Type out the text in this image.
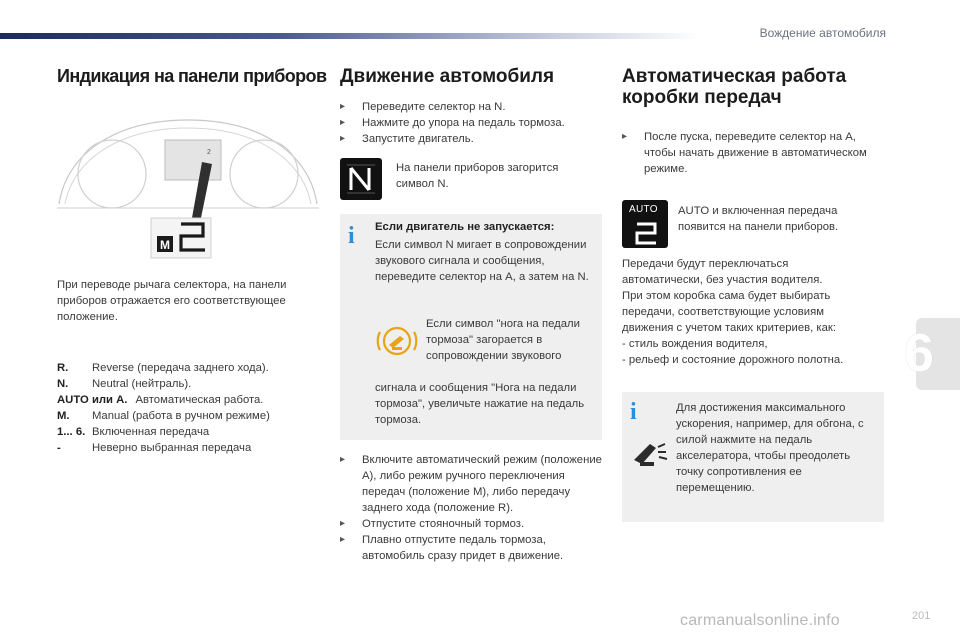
Вождение автомобиля
Индикация на панели приборов
2
M

При переводе рычага селектора, на панели приборов отражается его соответствующее положение.

R.	Reverse (передача заднего хода).
N.	Neutral (нейтраль).
AUTO или A. Автоматическая работа.
M.	Manual (работа в ручном режиме)
1... 6. Включенная передача
-	Неверно выбранная передача
Движение автомобиля

▸ Переведите селектор на N.

▸ Нажмите до упора на педаль тормоза.

▸ Запустите двигатель.

На панели приборов загорится символ N.

i Если двигатель не запускается:

Если символ N мигает в сопровождении звукового сигнала и сообщения, переведите селектор на A, а затем на N.

Если символ "нога на педали тормоза" загорается в сопровождении звукового

сигнала и сообщения "Нога на педали тормоза", увеличьте нажатие на педаль тормоза.

▸ Включите автоматический режим (положение A), либо режим ручного переключения передач (положение M), либо передачу заднего хода (положение R).

▸ Отпустите стояночный тормоз.

▸ Плавно отпустите педаль тормоза, автомобиль сразу придет в движение.

Автоматическая работа коробки передач

▸ После пуска, переведите селектор на A, чтобы начать движение в автоматическом режиме.

AUTO AUTO и включенная передача появится на панели приборов.

Передачи будут переключаться

автоматически, без участия водителя.

При этом коробка сама будет выбирать

передачи, соответствующие условиям

движения с учетом таких критериев, как:

- стиль вождения водителя,

- рельеф и состояние дорожного полотна.

i	Для достижения максимального ускорения, например, для обгона, с силой нажмите на педаль акселератора, чтобы преодолеть точку сопротивления ее перемещению.

6
201
carmanualsonline.info
